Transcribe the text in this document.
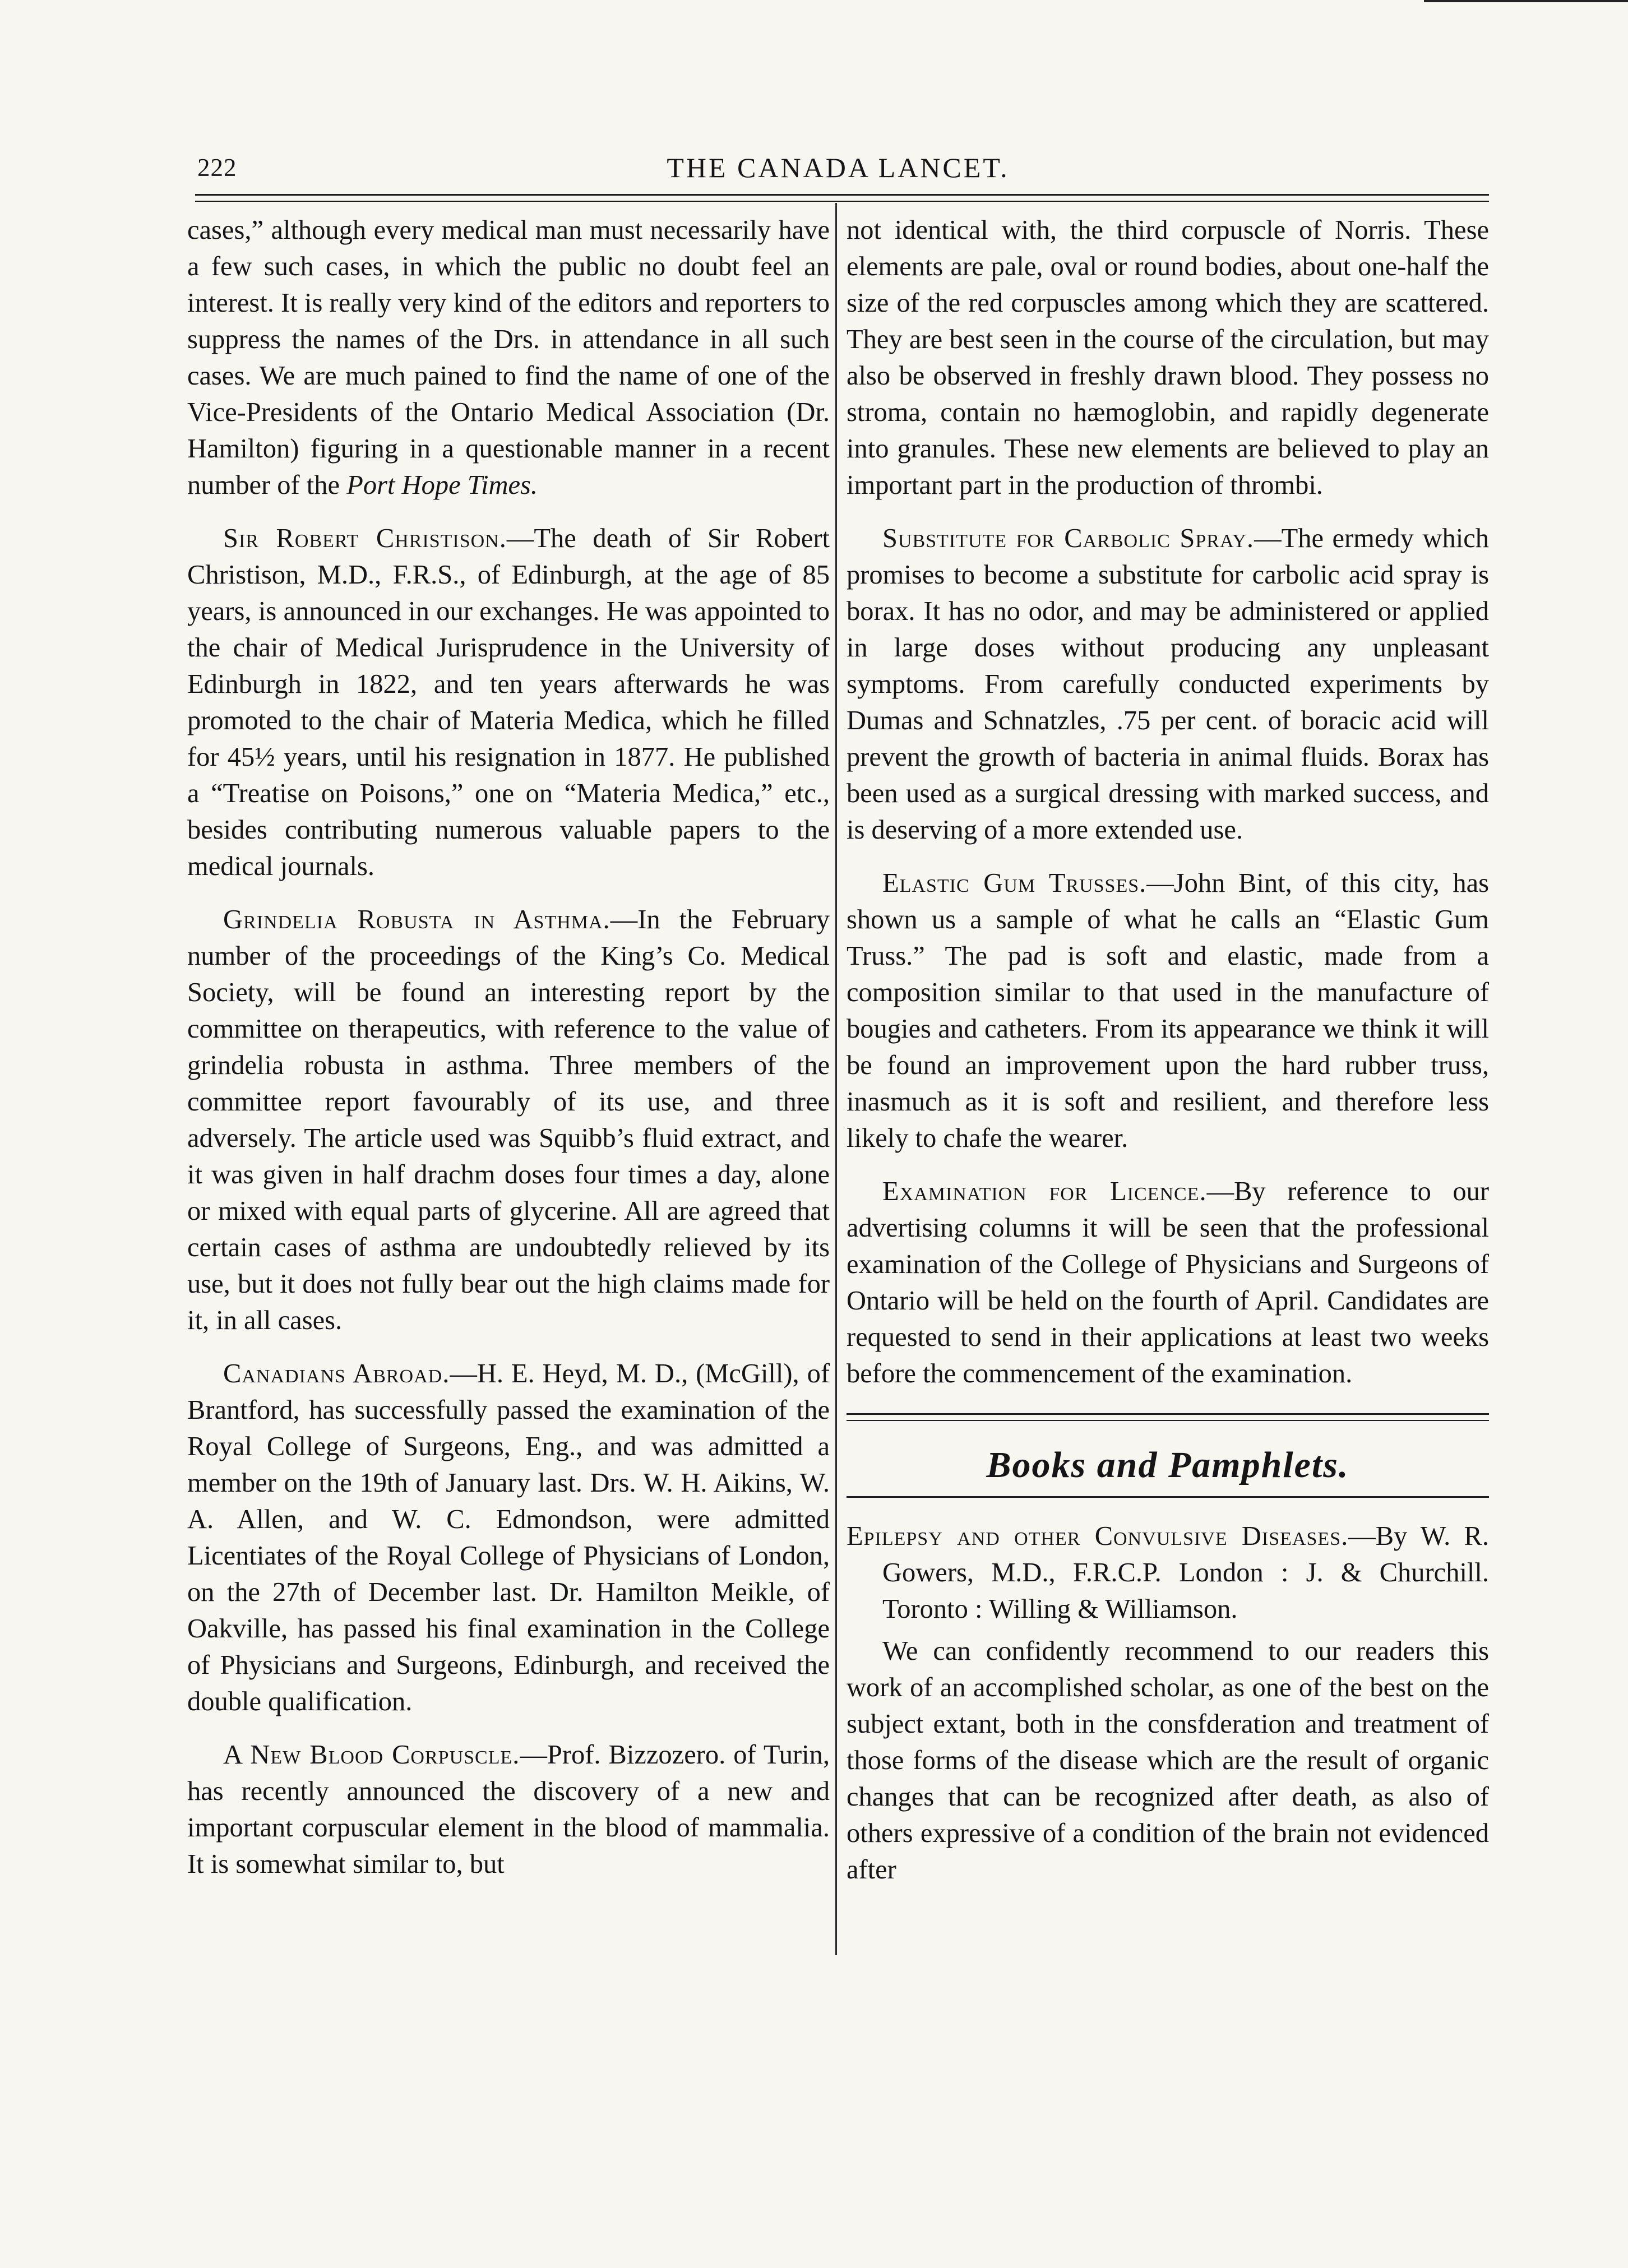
222	THE CANADA LANCET.

cases,” although every medical man must necessarily have a few such cases, in which the public no doubt feel an interest. It is really very kind of the editors and reporters to suppress the names of the Drs. in attendance in all such cases. We are much pained to find the name of one of the Vice-Presidents of the Ontario Medical Association (Dr. Hamilton) figuring in a questionable manner in a recent number of the Port Hope Times.

Sir Robert Christison.—The death of Sir Robert Christison, M.D., F.R.S., of Edinburgh, at the age of 85 years, is announced in our exchanges. He was appointed to the chair of Medical Jurisprudence in the University of Edinburgh in 1822, and ten years afterwards he was promoted to the chair of Materia Medica, which he filled for 45½ years, until his resignation in 1877. He published a “Treatise on Poisons,” one on “Materia Medica,” etc., besides contributing numerous valuable papers to the medical journals.

Grindelia Robusta in Asthma.—In the February number of the proceedings of the King’s Co. Medical Society, will be found an interesting report by the committee on therapeutics, with reference to the value of grindelia robusta in asthma. Three members of the committee report favourably of its use, and three adversely. The article used was Squibb’s fluid extract, and it was given in half drachm doses four times a day, alone or mixed with equal parts of glycerine. All are agreed that certain cases of asthma are undoubtedly relieved by its use, but it does not fully bear out the high claims made for it, in all cases.

Canadians Abroad.—H. E. Heyd, M. D., (McGill), of Brantford, has successfully passed the examination of the Royal College of Surgeons, Eng., and was admitted a member on the 19th of January last. Drs. W. H. Aikins, W. A. Allen, and W. C. Edmondson, were admitted Licentiates of the Royal College of Physicians of London, on the 27th of December last. Dr. Hamilton Meikle, of Oakville, has passed his final examination in the College of Physicians and Surgeons, Edinburgh, and received the double qualification.

A New Blood Corpuscle.—Prof. Bizzozero. of Turin, has recently announced the discovery of a new and important corpuscular element in the blood of mammalia. It is somewhat similar to, but

not identical with, the third corpuscle of Norris. These elements are pale, oval or round bodies, about one-half the size of the red corpuscles among which they are scattered. They are best seen in the course of the circulation, but may also be observed in freshly drawn blood. They possess no stroma, contain no hæmoglobin, and rapidly degenerate into granules. These new elements are believed to play an important part in the production of thrombi.

Substitute for Carbolic Spray.—The ermedy which promises to become a substitute for carbolic acid spray is borax. It has no odor, and may be administered or applied in large doses without producing any unpleasant symptoms. From carefully conducted experiments by Dumas and Schnatzles, .75 per cent. of boracic acid will prevent the growth of bacteria in animal fluids. Borax has been used as a surgical dressing with marked success, and is deserving of a more extended use.

Elastic Gum Trusses.—John Bint, of this city, has shown us a sample of what he calls an “Elastic Gum Truss.” The pad is soft and elastic, made from a composition similar to that used in the manufacture of bougies and catheters. From its appearance we think it will be found an improvement upon the hard rubber truss, inasmuch as it is soft and resilient, and therefore less likely to chafe the wearer.

Examination for Licence.—By reference to our advertising columns it will be seen that the professional examination of the College of Physicians and Surgeons of Ontario will be held on the fourth of April. Candidates are requested to send in their applications at least two weeks before the commencement of the examination.

Books and Pamphlets.

Epilepsy and other Convulsive Diseases.—By W. R. Gowers, M.D., F.R.C.P. London : J. & Churchill. Toronto : Willing & Williamson.

We can confidently recommend to our readers this work of an accomplished scholar, as one of the best on the subject extant, both in the consfderation and treatment of those forms of the disease which are the result of organic changes that can be recognized after death, as also of others expressive of a condition of the brain not evidenced after
